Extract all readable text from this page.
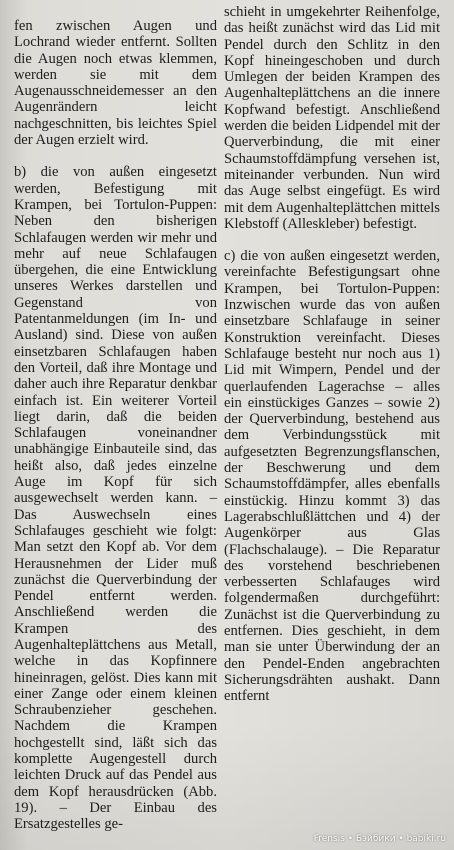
fen zwischen Augen und Lochrand wieder entfernt. Sollten die Augen noch etwas klemmen, werden sie mit dem Augenausschneidemesser an den Augenrändern leicht nachgeschnitten, bis leichtes Spiel der Augen erzielt wird.

b) die von außen eingesetzt werden, Befestigung mit Krampen, bei Tortulon-Puppen: Neben den bisherigen Schlafaugen werden wir mehr und mehr auf neue Schlafaugen übergehen, die eine Entwicklung unseres Werkes darstellen und Gegenstand von Patentanmeldungen (im In- und Ausland) sind. Diese von außen einsetzbaren Schlafaugen haben den Vorteil, daß ihre Montage und daher auch ihre Reparatur denkbar einfach ist. Ein weiterer Vorteil liegt darin, daß die beiden Schlafaugen voneinandner unabhängige Einbauteile sind, das heißt also, daß jedes einzelne Auge im Kopf für sich ausgewechselt werden kann. – Das Auswechseln eines Schlafauges geschieht wie folgt: Man setzt den Kopf ab. Vor dem Herausnehmen der Lider muß zunächst die Querverbindung der Pendel entfernt werden. Anschließend werden die Krampen des Augenhalteplättchens aus Metall, welche in das Kopfinnere hineinragen, gelöst. Dies kann mit einer Zange oder einem kleinen Schraubenzieher geschehen. Nachdem die Krampen hochgestellt sind, läßt sich das komplette Augengestell durch leichten Druck auf das Pendel aus dem Kopf herausdrücken (Abb. 19). – Der Einbau des Ersatzgestelles ge-

schieht in umgekehrter Reihenfolge, das heißt zunächst wird das Lid mit Pendel durch den Schlitz in den Kopf hineingeschoben und durch Umlegen der beiden Krampen des Augenhalteplättchens an die innere Kopfwand befestigt. Anschließend werden die beiden Lidpendel mit der Querverbindung, die mit einer Schaumstoffdämpfung versehen ist, miteinander verbunden. Nun wird das Auge selbst eingefügt. Es wird mit dem Augenhalteplättchen mittels Klebstoff (Alleskleber) befestigt.

c) die von außen eingesetzt werden, vereinfachte Befestigungsart ohne Krampen, bei Tortulon-Puppen: Inzwischen wurde das von außen einsetzbare Schlafauge in seiner Konstruktion vereinfacht. Dieses Schlafauge besteht nur noch aus 1) Lid mit Wimpern, Pendel und der querlaufenden Lagerachse – alles ein einstückiges Ganzes – sowie 2) der Querverbindung, bestehend aus dem Verbindungsstück mit aufgesetzten Begrenzungsflanschen, der Beschwerung und dem Schaumstoffdämpfer, alles ebenfalls einstückig. Hinzu kommt 3) das Lagerabschlußlättchen und 4) der Augenkörper aus Glas (Flachschalauge). – Die Reparatur des vorstehend beschriebenen verbesserten Schlafauges wird folgendermaßen durchgeführt: Zunächst ist die Querverbindung zu entfernen. Dies geschieht, in dem man sie unter Überwindung der an den Pendel-Enden angebrachten Sicherungsdrähten aushakt. Dann entfernt

Frensis • Бэйбики • babiki.ru
